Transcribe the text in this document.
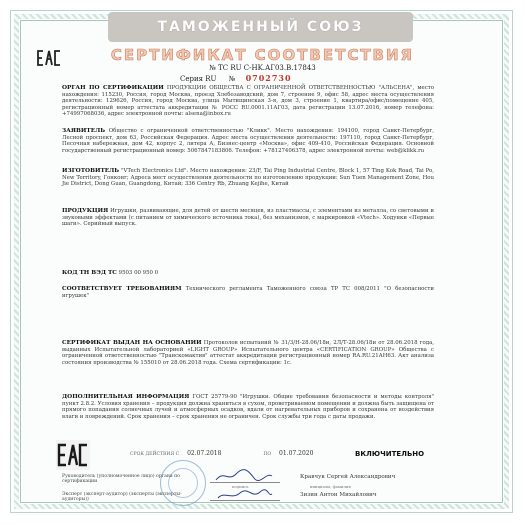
ТАМОЖЕННЫЙ СОЮЗ
СЕРТИФИКАТ СООТВЕТСТВИЯ
№ ТС RU C-HK.АГ03.В.17843
Серия RU № 0702730
ОРГАН ПО СЕРТИФИКАЦИИ ПРОДУКЦИИ ОБЩЕСТВА С ОГРАНИЧЕННОЙ ОТВЕТСТВЕННОСТЬЮ "АЛЬСЕНА", место нахождения: 115230, Россия, город Москва, проезд Хлебозаводский, дом 7, строение 9, офис 58, адрес места осуществления деятельности: 129626, Россия, город Москва, улица Мытищинская 3-я, дом 3, строение 1, квартира/офис/помещение 405, регистрационный номер аттестата аккредитации № РОСС RU.0001.11АГ03, дата регистрации 13.07.2016, номер телефона: +74997068036, адрес электронной почты: alsena@inbox.ru
ЗАЯВИТЕЛЬ Общество с ограниченной ответственностью "Кликк". Место нахождения: 194100, город Санкт-Петербург, Лесной проспект, дом 63, Российская Федерация. Адрес места осуществления деятельности: 197110, город Санкт-Петербург, Песочная набережная, дом 42, корпус 2, литера А, Бизнес-центр «Москва», офис 409-410, Российская Федерация. Основной государственный регистрационный номер: 5067847183806. Телефон: +78127406378, адрес электронной почты: web@klikk.ru
ИЗГОТОВИТЕЛЬ "VTech Electronics Ltd". Место нахождения: 23/F, Tai Ping Industrial Centre, Block 1, 57 Ting Kok Road, Tai Po, New Territory, Гонконг; Адреса мест осуществления деятельности по изготовлению продукции: Sun Tuen Management Zone, Hou Jie District, Dong Guan, Guangdong, Китай; 336 Centry Rb, Zhuang Kejihe, Китай
ПРОДУКЦИЯ Игрушки, развивающие, для детей от шести месяцев, из пластмассы, с элементами из металла, со световыми и звуковыми эффектами (с питанием от химического источника тока), без механизмов, с маркировкой «Vtech». Ходунки «Первые шаги». Серийный выпуск.
КОД ТН ВЭД ТС 9503 00 950 0
СООТВЕТСТВУЕТ ТРЕБОВАНИЯМ Технического регламента Таможенного союза ТР ТС 008/2011 "О безопасности игрушек"
СЕРТИФИКАТ ВЫДАН НА ОСНОВАНИИ Протоколов испытаний № 31/3/Н-28.06/18и, 2Л/Т-28.06/18и от 28.06.2018 года, выданных Испытательной лабораторией «LIGHT GROUP» Испытательного центра «CERTIFICATION GROUP» Общества с ограниченной ответственностью "Транскомактив" аттестат аккредитации регистрационный номер RA.RU.21АН63. Акт анализа состояния производства № 155010 от 28.06.2018 года. Схема сертификации: 1с.
ДОПОЛНИТЕЛЬНАЯ ИНФОРМАЦИЯ ГОСТ 25779-90 "Игрушки. Общие требования безопасности и методы контроля" пункт 2.8.2. Условия хранения – продукция должна храниться в сухом, проветриваемом помещении и должна быть защищена от прямого попадания солнечных лучей и атмосферных осадков, вдали от нагревательных приборов и сохранена от воздействия влаги и повреждений. Срок хранения – срок хранения не ограничен. Срок службы три года с даты продажи.
СРОК ДЕЙСТВИЯ С 02.07.2018	ПО 01.07.2020	ВКЛЮЧИТЕЛЬНО
Кравчук Сергей Александрович
Руководитель (уполномоченное лицо) органа по сертификации
подпись	инициалы, фамилия
Зизин Антон Михайлович
Эксперт (эксперт-аудитор) (эксперты (эксперты-аудиторы))
